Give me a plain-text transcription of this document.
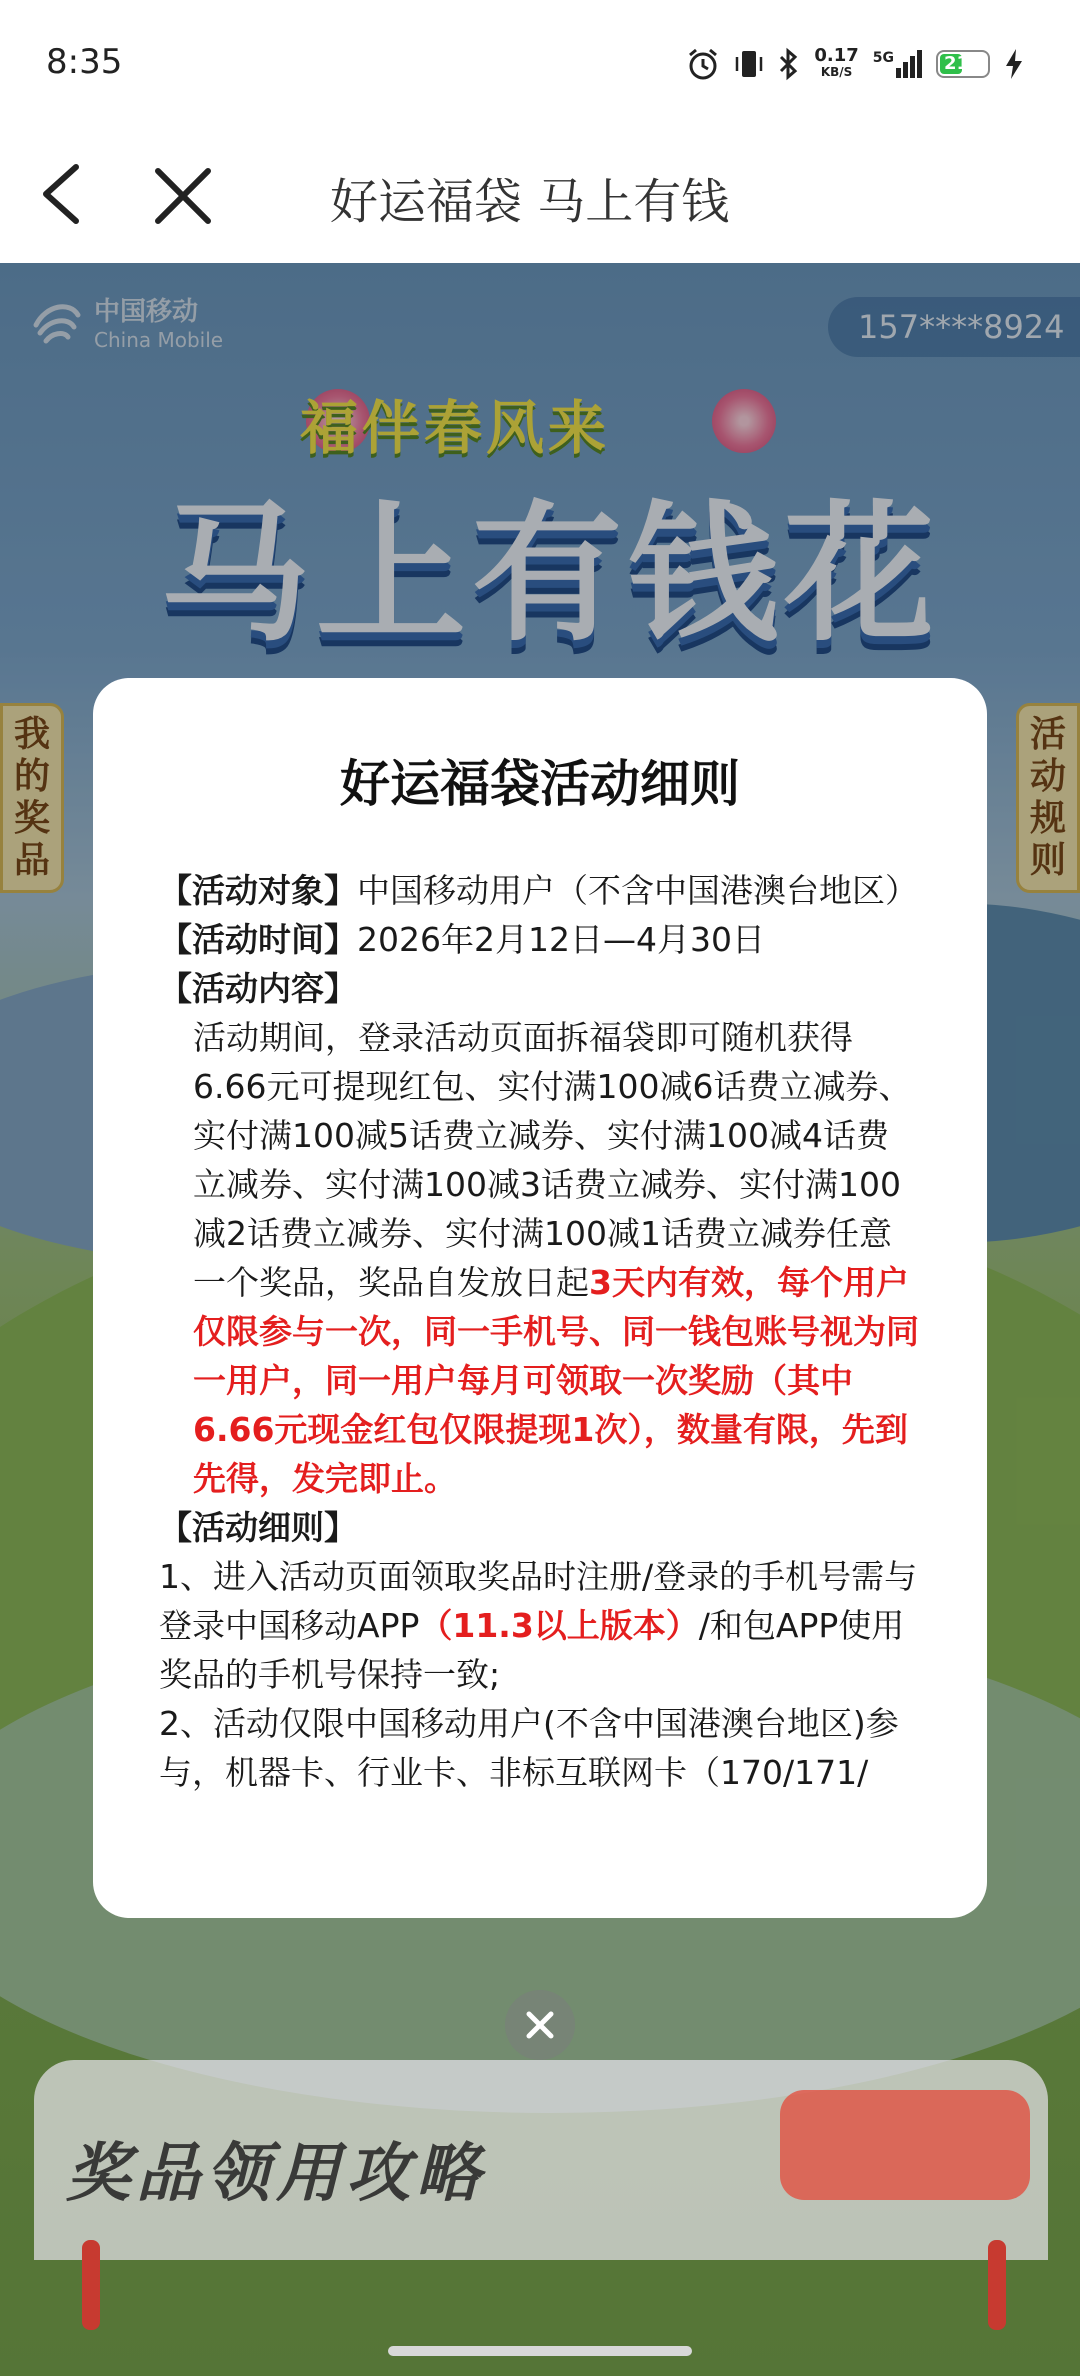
8:35	0.17
KB/S
5G	21
好运福袋 马上有钱
中国移动
China Mobile	157****8924
福伴春风来
马上有钱花
我的奖品
活动规则
奖品领用攻略
好运福袋活动细则

【活动对象】中国移动用户（不含中国港澳台地区）

【活动时间】2026年2月12日—4月30日

【活动内容】

活动期间，登录活动页面拆福袋即可随机获得6.66元可提现红包、实付满100减6话费立减券、实付满100减5话费立减券、实付满100减4话费立减券、实付满100减3话费立减券、实付满100减2话费立减券、实付满100减1话费立减券任意一个奖品，奖品自发放日起3天内有效，每个用户仅限参与一次，同一手机号、同一钱包账号视为同一用户，同一用户每月可领取一次奖励（其中6.66元现金红包仅限提现1次），数量有限，先到先得，发完即止。

【活动细则】

1、进入活动页面领取奖品时注册/登录的手机号需与登录中国移动APP（11.3以上版本）/和包APP使用奖品的手机号保持一致;

2、活动仅限中国移动用户(不含中国港澳台地区)参与，机器卡、行业卡、非标互联网卡（170/171/
